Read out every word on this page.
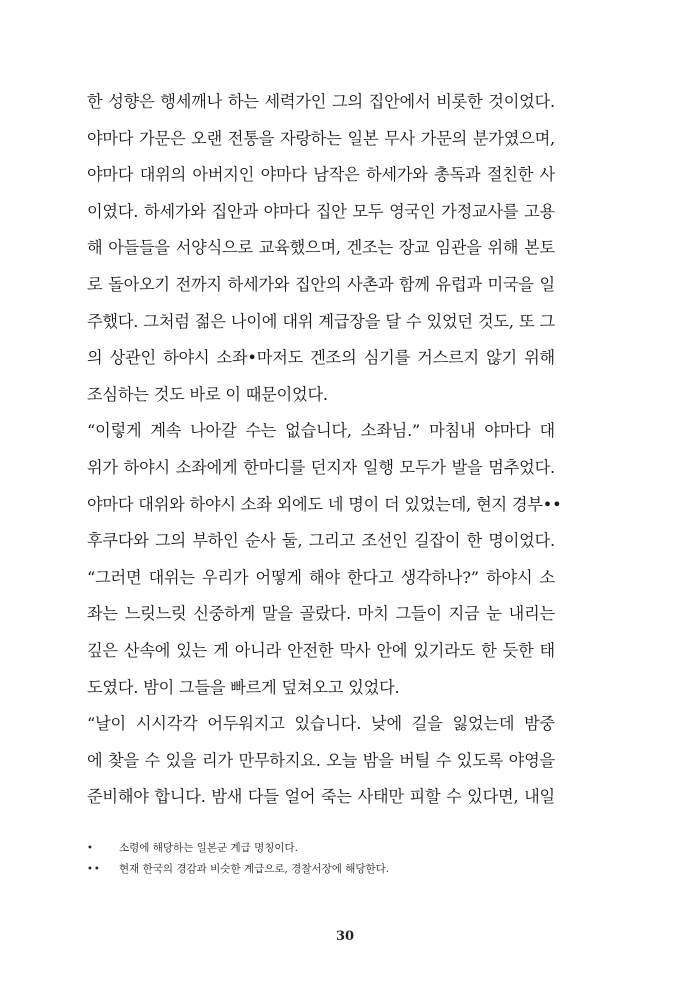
한 성향은 행세깨나 하는 세력가인 그의 집안에서 비롯한 것이었다.
야마다 가문은 오랜 전통을 자랑하는 일본 무사 가문의 분가였으며,
야마다 대위의 아버지인 야마다 남작은 하세가와 총독과 절친한 사
이였다. 하세가와 집안과 야마다 집안 모두 영국인 가정교사를 고용
해 아들들을 서양식으로 교육했으며, 겐조는 장교 임관을 위해 본토
로 돌아오기 전까지 하세가와 집안의 사촌과 함께 유럽과 미국을 일
주했다. 그처럼 젊은 나이에 대위 계급장을 달 수 있었던 것도, 또 그
의 상관인 하야시 소좌•마저도 겐조의 심기를 거스르지 않기 위해
조심하는 것도 바로 이 때문이었다.
“이렇게 계속 나아갈 수는 없습니다, 소좌님.” 마침내 야마다 대
위가 하야시 소좌에게 한마디를 던지자 일행 모두가 발을 멈추었다.
야마다 대위와 하야시 소좌 외에도 네 명이 더 있었는데, 현지 경부••
후쿠다와 그의 부하인 순사 둘, 그리고 조선인 길잡이 한 명이었다.
“그러면 대위는 우리가 어떻게 해야 한다고 생각하나?” 하야시 소
좌는 느릿느릿 신중하게 말을 골랐다. 마치 그들이 지금 눈 내리는
깊은 산속에 있는 게 아니라 안전한 막사 안에 있기라도 한 듯한 태
도였다. 밤이 그들을 빠르게 덮쳐오고 있었다.
“날이 시시각각 어두워지고 있습니다. 낮에 길을 잃었는데 밤중
에 찾을 수 있을 리가 만무하지요. 오늘 밤을 버틸 수 있도록 야영을
준비해야 합니다. 밤새 다들 얼어 죽는 사태만 피할 수 있다면, 내일
•	소령에 해당하는 일본군 계급 명칭이다.
••	현재 한국의 경감과 비슷한 계급으로, 경찰서장에 해당한다.
30
